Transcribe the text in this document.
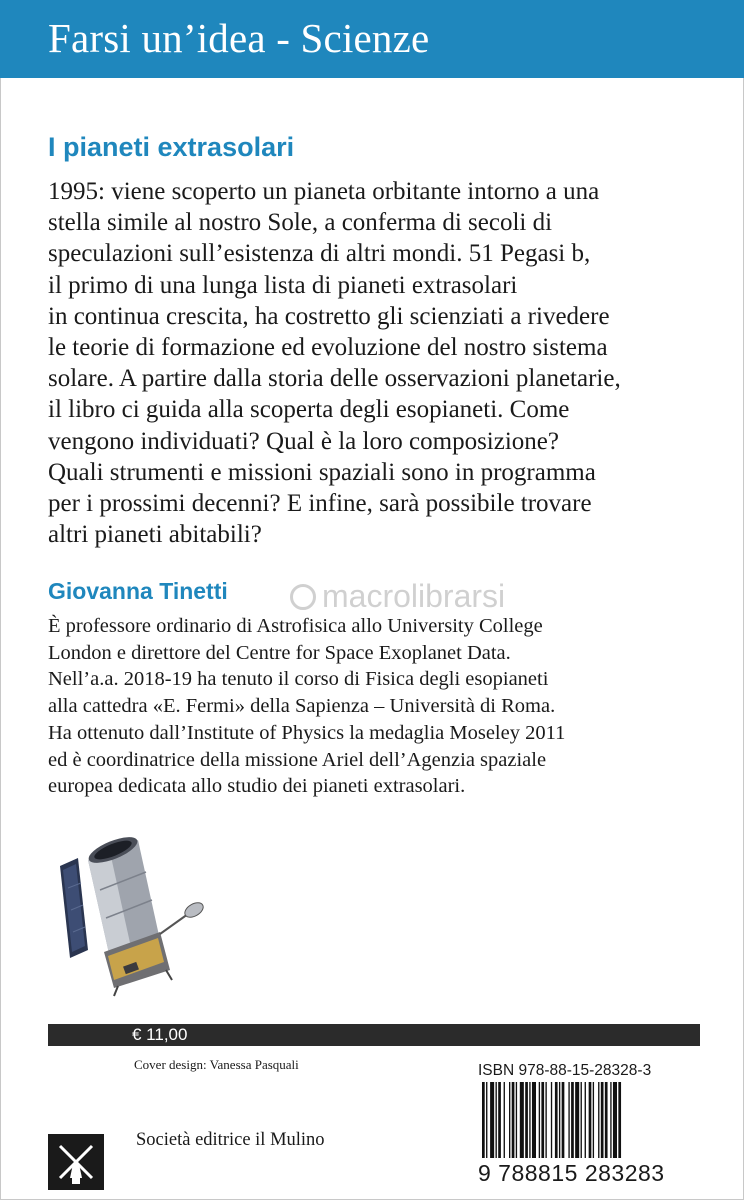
Farsi un’idea - Scienze
I pianeti extrasolari
1995: viene scoperto un pianeta orbitante intorno a una
stella simile al nostro Sole, a conferma di secoli di
speculazioni sull’esistenza di altri mondi. 51 Pegasi b,
il primo di una lunga lista di pianeti extrasolari
in continua crescita, ha costretto gli scienziati a rivedere
le teorie di formazione ed evoluzione del nostro sistema
solare. A partire dalla storia delle osservazioni planetarie,
il libro ci guida alla scoperta degli esopianeti. Come
vengono individuati? Qual è la loro composizione?
Quali strumenti e missioni spaziali sono in programma
per i prossimi decenni? E infine, sarà possibile trovare
altri pianeti abitabili?
Giovanna Tinetti	macrolibrarsi
È professore ordinario di Astrofisica allo University College
London e direttore del Centre for Space Exoplanet Data.
Nell’a.a. 2018-19 ha tenuto il corso di Fisica degli esopianeti
alla cattedra «E. Fermi» della Sapienza – Università di Roma.
Ha ottenuto dall’Institute of Physics la medaglia Moseley 2011
ed è coordinatrice della missione Ariel dell’Agenzia spaziale
europea dedicata allo studio dei pianeti extrasolari.
€ 11,00
Cover design: Vanessa Pasquali	ISBN 978-88-15-28328-3
9 788815 283283
Società editrice il Mulino
